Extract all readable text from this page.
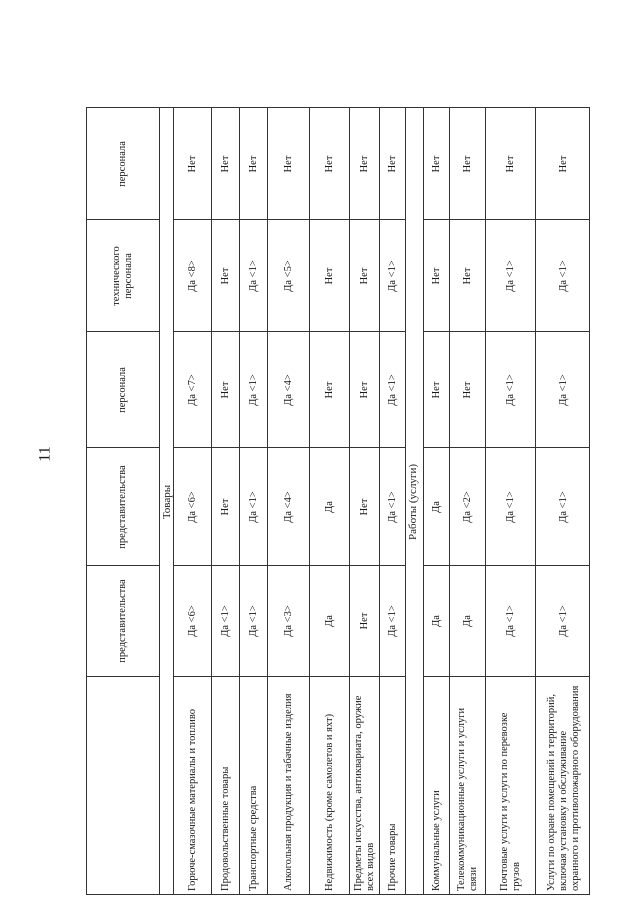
11
представительства
представительства
персонала
технического персонала
персонала
Товары
Горюче-смазочные материалы и топливо
Да <6>
Да <6>
Да <7>
Да <8>
Нет
Продовольственные товары
Да <1>
Нет
Нет
Нет
Нет
Транспортные средства
Да <1>
Да <1>
Да <1>
Да <1>
Нет
Алкогольная продукция и табачные изделия
Да <3>
Да <4>
Да <4>
Да <5>
Нет
Недвижимость (кроме самолетов и яхт)
Да
Да
Нет
Нет
Нет
Предметы искусства, антиквариата, оружие всех видов
Нет
Нет
Нет
Нет
Нет
Прочие товары
Да <1>
Да <1>
Да <1>
Да <1>
Нет
Работы (услуги)
Коммунальные услуги
Да
Да
Нет
Нет
Нет
Телекоммуникационные услуги и услуги связи
Да
Да <2>
Нет
Нет
Нет
Почтовые услуги и услуги по перевозке грузов
Да <1>
Да <1>
Да <1>
Да <1>
Нет
Услуги по охране помещений и территорий, включая установку и обслуживание охранного и противопожарного оборудования
Да <1>
Да <1>
Да <1>
Да <1>
Нет
